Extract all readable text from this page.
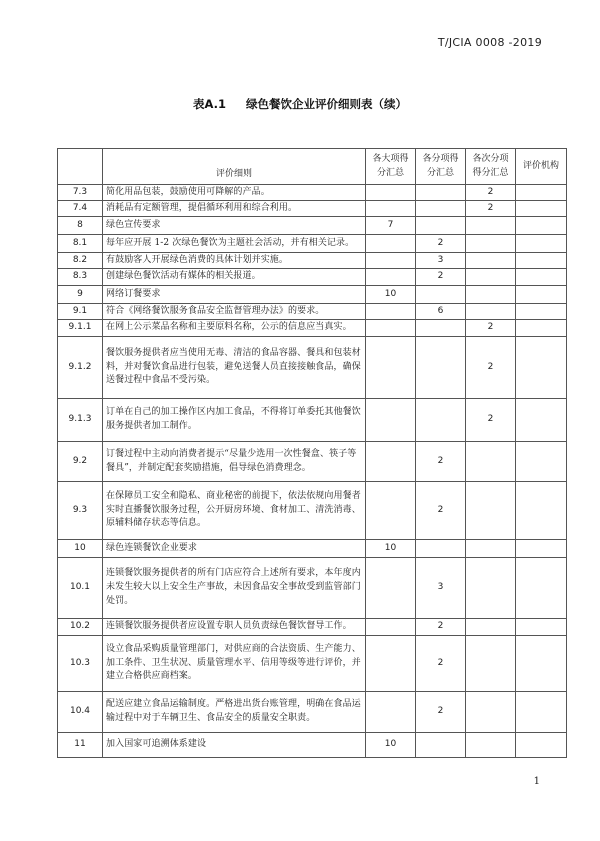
T/JCIA 0008 -2019
表A.1 绿色餐饮企业评价细则表（续）
	评价细则	各大项得分汇总	各分项得分汇总	各次分项得分汇总	评价机构
7.3	简化用品包装，鼓励使用可降解的产品。			2	
7.4	消耗品有定额管理，提倡循环利用和综合利用。			2	
8	绿色宣传要求	7			
8.1	每年应开展 1-2 次绿色餐饮为主题社会活动，并有相关记录。		2		
8.2	有鼓励客人开展绿色消费的具体计划并实施。		3		
8.3	创建绿色餐饮活动有媒体的相关报道。		2		
9	网络订餐要求	10			
9.1	符合《网络餐饮服务食品安全监督管理办法》的要求。		6		
9.1.1	在网上公示菜品名称和主要原料名称，公示的信息应当真实。			2	
9.1.2	餐饮服务提供者应当使用无毒、清洁的食品容器、餐具和包装材料，并对餐饮食品进行包装，避免送餐人员直接接触食品，确保送餐过程中食品不受污染。			2	
9.1.3	订单在自己的加工操作区内加工食品，不得将订单委托其他餐饮服务提供者加工制作。			2	
9.2	订餐过程中主动向消费者提示“尽量少选用一次性餐盒、筷子等餐具”，并制定配套奖励措施，倡导绿色消费理念。		2		
9.3	在保障员工安全和隐私、商业秘密的前提下，依法依规向用餐者实时直播餐饮服务过程，公开厨房环境、食材加工、清洗消毒、原辅料储存状态等信息。		2		
10	绿色连锁餐饮企业要求	10			
10.1	连锁餐饮服务提供者的所有门店应符合上述所有要求，本年度内未发生较大以上安全生产事故，未因食品安全事故受到监管部门处罚。		3		
10.2	连锁餐饮服务提供者应设置专职人员负责绿色餐饮督导工作。		2		
10.3	设立食品采购质量管理部门，对供应商的合法资质、生产能力、加工条件、卫生状况、质量管理水平、信用等级等进行评价，并建立合格供应商档案。		2		
10.4	配送应建立食品运输制度。严格进出货台账管理，明确在食品运输过程中对于车辆卫生、食品安全的质量安全职责。		2		
11	加入国家可追溯体系建设	10			
1
